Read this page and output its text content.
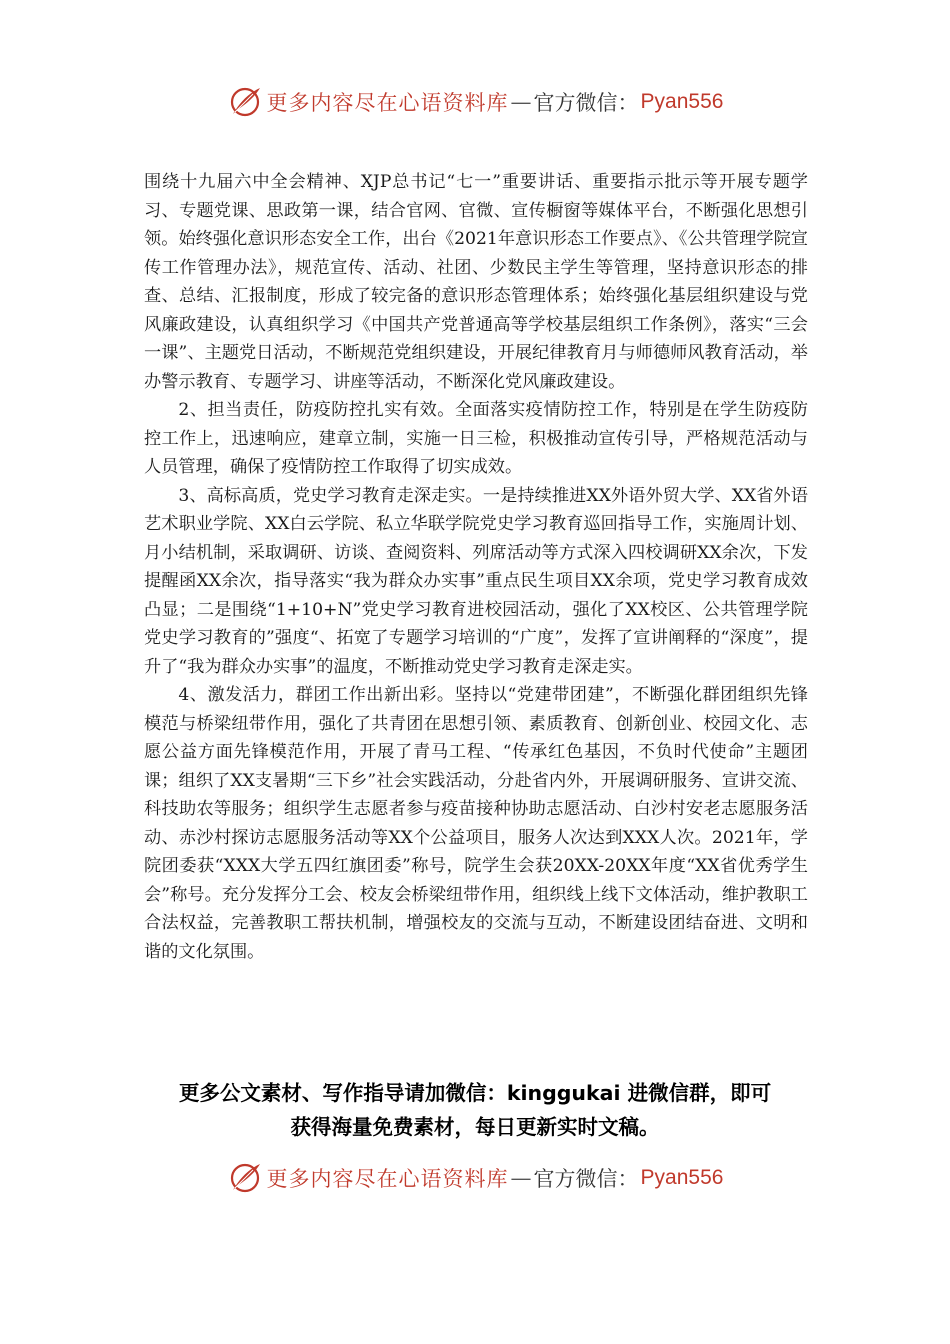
更多内容尽在心语资料库 — 官方微信： Pyan556

围绕十九届六中全会精神、XJP总书记“七一”重要讲话、重要指示批示等开展专题学习、专题党课、思政第一课，结合官网、官微、宣传橱窗等媒体平台，不断强化思想引领。始终强化意识形态安全工作，出台《2021年意识形态工作要点》、《公共管理学院宣传工作管理办法》，规范宣传、活动、社团、少数民主学生等管理，坚持意识形态的排查、总结、汇报制度，形成了较完备的意识形态管理体系；始终强化基层组织建设与党风廉政建设，认真组织学习《中国共产党普通高等学校基层组织工作条例》，落实“三会一课”、主题党日活动，不断规范党组织建设，开展纪律教育月与师德师风教育活动，举办警示教育、专题学习、讲座等活动，不断深化党风廉政建设。

2、担当责任，防疫防控扎实有效。全面落实疫情防控工作，特别是在学生防疫防控工作上，迅速响应，建章立制，实施一日三检，积极推动宣传引导，严格规范活动与人员管理，确保了疫情防控工作取得了切实成效。

3、高标高质，党史学习教育走深走实。一是持续推进XX外语外贸大学、XX省外语艺术职业学院、XX白云学院、私立华联学院党史学习教育巡回指导工作，实施周计划、月小结机制，采取调研、访谈、查阅资料、列席活动等方式深入四校调研XX余次，下发提醒函XX余次，指导落实“我为群众办实事”重点民生项目XX余项，党史学习教育成效凸显；二是围绕“1+10+N”党史学习教育进校园活动，强化了XX校区、公共管理学院党史学习教育的”强度“、拓宽了专题学习培训的“广度”，发挥了宣讲阐释的“深度”，提升了“我为群众办实事”的温度，不断推动党史学习教育走深走实。

4、激发活力，群团工作出新出彩。坚持以“党建带团建”，不断强化群团组织先锋模范与桥梁纽带作用，强化了共青团在思想引领、素质教育、创新创业、校园文化、志愿公益方面先锋模范作用，开展了青马工程、“传承红色基因，不负时代使命”主题团课；组织了XX支暑期“三下乡”社会实践活动，分赴省内外，开展调研服务、宣讲交流、科技助农等服务；组织学生志愿者参与疫苗接种协助志愿活动、白沙村安老志愿服务活动、赤沙村探访志愿服务活动等XX个公益项目，服务人次达到XXX人次。2021年，学院团委获“XXX大学五四红旗团委”称号，院学生会获20XX-20XX年度“XX省优秀学生会”称号。充分发挥分工会、校友会桥梁纽带作用，组织线上线下文体活动，维护教职工合法权益，完善教职工帮扶机制，增强校友的交流与互动，不断建设团结奋进、文明和谐的文化氛围。

更多公文素材、写作指导请加微信：kinggukai 进微信群，即可
获得海量免费素材，每日更新实时文稿。
更多内容尽在心语资料库 — 官方微信： Pyan556
